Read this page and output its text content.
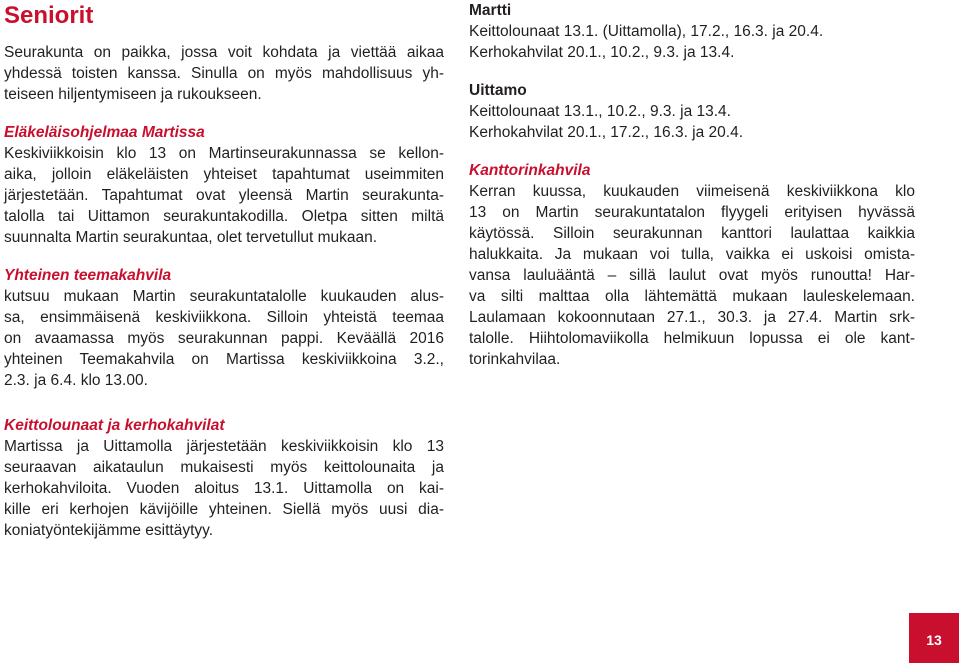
Seniorit

Seurakunta on paikka, jossa voit kohdata ja viettää aikaa

yhdessä toisten kanssa. Sinulla on myös mahdollisuus yh-

teiseen hiljentymiseen ja rukoukseen.

Eläkeläisohjelmaa Martissa

Keskiviikkoisin klo 13 on Martinseurakunnassa se kellon-

aika, jolloin eläkeläisten yhteiset tapahtumat useimmiten

järjestetään. Tapahtumat ovat yleensä Martin seurakunta-

talolla tai Uittamon seurakuntakodilla. Oletpa sitten miltä

suunnalta Martin seurakuntaa, olet tervetullut mukaan.

Yhteinen teemakahvila

kutsuu mukaan Martin seurakuntatalolle kuukauden alus-

sa, ensimmäisenä keskiviikkona. Silloin yhteistä teemaa

on avaamassa myös seurakunnan pappi. Keväällä 2016

yhteinen Teemakahvila on Martissa keskiviikkoina 3.2.,

2.3. ja 6.4. klo 13.00.

Keittolounaat ja kerhokahvilat

Martissa ja Uittamolla järjestetään keskiviikkoisin klo 13

seuraavan aikataulun mukaisesti myös keittolounaita ja

kerhokahviloita. Vuoden aloitus 13.1. Uittamolla on kai-

kille eri kerhojen kävijöille yhteinen. Siellä myös uusi dia-

koniatyöntekijämme esittäytyy.

Martti

Keittolounaat 13.1. (Uittamolla), 17.2., 16.3. ja 20.4.

Kerhokahvilat 20.1., 10.2., 9.3. ja 13.4.

Uittamo

Keittolounaat 13.1., 10.2., 9.3. ja 13.4.

Kerhokahvilat 20.1., 17.2., 16.3. ja 20.4.

Kanttorinkahvila

Kerran kuussa, kuukauden viimeisenä keskiviikkona klo

13 on Martin seurakuntatalon flyygeli erityisen hyvässä

käytössä. Silloin seurakunnan kanttori laulattaa kaikkia

halukkaita. Ja mukaan voi tulla, vaikka ei uskoisi omista-

vansa lauluääntä – sillä laulut ovat myös runoutta! Har-

va silti malttaa olla lähtemättä mukaan lauleskelemaan.

Laulamaan kokoonnutaan 27.1., 30.3. ja 27.4. Martin srk-

talolle. Hiihtolomaviikolla helmikuun lopussa ei ole kant-

torinkahvilaa.

13
